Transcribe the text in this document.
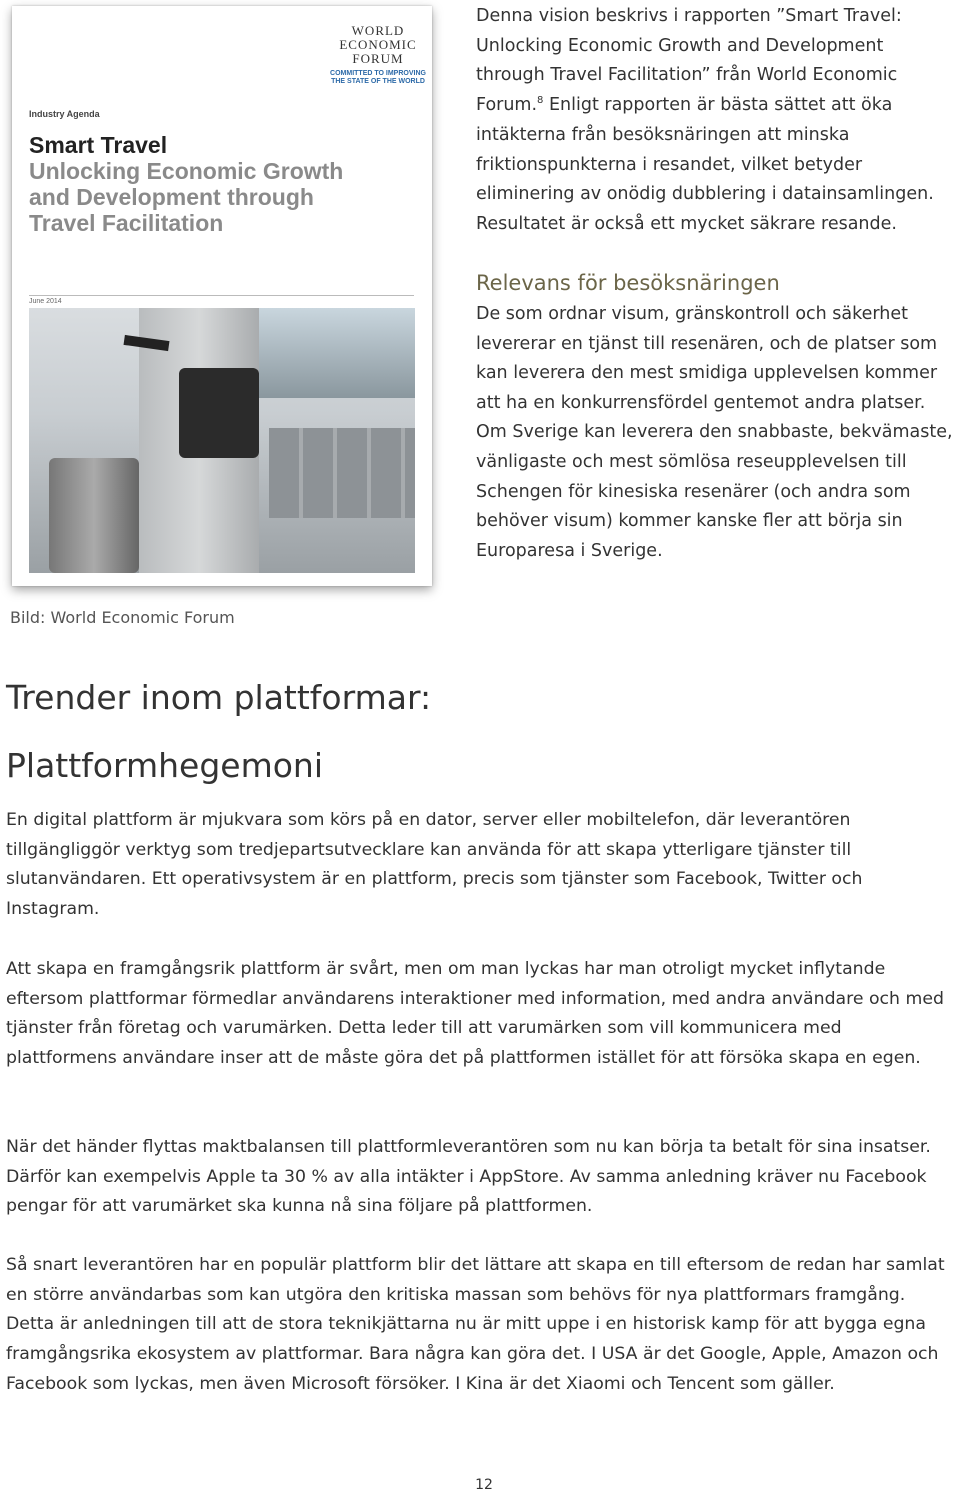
WORLD ECONOMIC FORUM

COMMITTED TO IMPROVING THE STATE OF THE WORLD
Industry Agenda
Smart Travel
Unlocking Economic Growth and Development through Travel Facilitation
June 2014

Denna vision beskrivs i rapporten ”Smart Travel: Unlocking Economic Growth and Development through Travel Facilitation” från World Economic Forum.$^8$ Enligt rapporten är bästa sättet att öka intäkterna från besöksnäringen att minska friktionspunkterna i resandet, vilket betyder eliminering av onödig dubblering i datainsamlingen. Resultatet är också ett mycket säkrare resande.

Relevans för besöksnäringen

De som ordnar visum, gränskontroll och säkerhet levererar en tjänst till resenären, och de platser som kan leverera den mest smidiga upplevelsen kommer att ha en konkurrensfördel gentemot andra platser. Om Sverige kan leverera den snabbaste, bekvämaste, vänligaste och mest sömlösa reseupplevelsen till Schengen för kinesiska resenärer (och andra som behöver visum) kommer kanske fler att börja sin Europaresa i Sverige.

Bild: World Economic Forum

Trender inom plattformar:
Plattformhegemoni

En digital plattform är mjukvara som körs på en dator, server eller mobiltelefon, där leverantören tillgängliggör verktyg som tredjepartsutvecklare kan använda för att skapa ytterligare tjänster till slutanvändaren. Ett operativsystem är en plattform, precis som tjänster som Facebook, Twitter och Instagram.

Att skapa en framgångsrik plattform är svårt, men om man lyckas har man otroligt mycket inflytande eftersom plattformar förmedlar användarens interaktioner med information, med andra användare och med tjänster från företag och varumärken. Detta leder till att varumärken som vill kommunicera med plattformens användare inser att de måste göra det på plattformen istället för att försöka skapa en egen.

När det händer flyttas maktbalansen till plattformleverantören som nu kan börja ta betalt för sina insatser. Därför kan exempelvis Apple ta 30 % av alla intäkter i AppStore. Av samma anledning kräver nu Facebook pengar för att varumärket ska kunna nå sina följare på plattformen.

Så snart leverantören har en populär plattform blir det lättare att skapa en till eftersom de redan har samlat en större användarbas som kan utgöra den kritiska massan som behövs för nya plattformars framgång. Detta är anledningen till att de stora teknikjättarna nu är mitt uppe i en historisk kamp för att bygga egna framgångsrika ekosystem av plattformar. Bara några kan göra det. I USA är det Google, Apple, Amazon och Facebook som lyckas, men även Microsoft försöker. I Kina är det Xiaomi och Tencent som gäller.

12
